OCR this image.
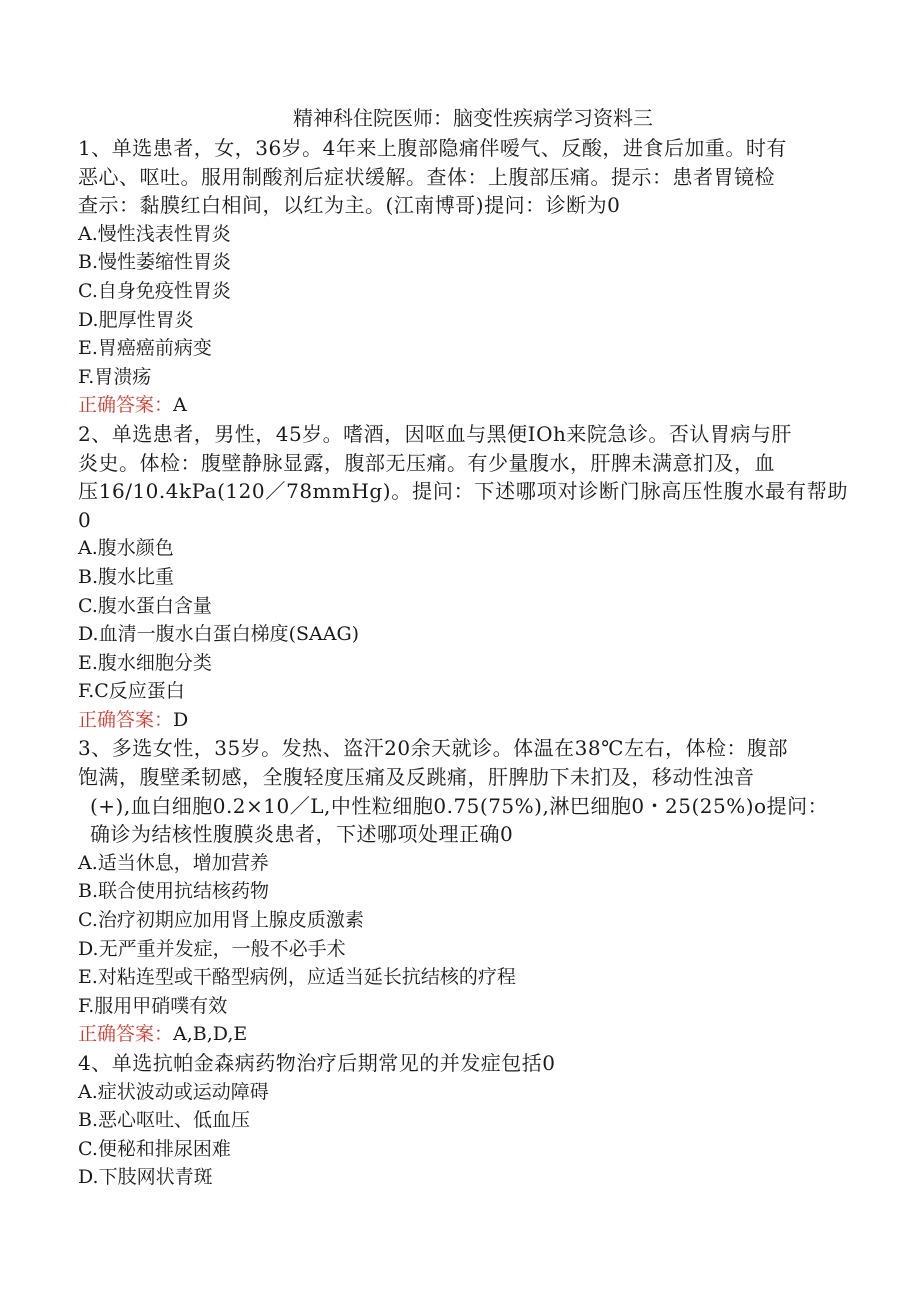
精神科住院医师：脑变性疾病学习资料三

1、单选患者，女，36岁。4年来上腹部隐痛伴嗳气、反酸，进食后加重。时有

恶心、呕吐。服用制酸剂后症状缓解。查体：上腹部压痛。提示：患者胃镜检

查示：黏膜红白相间，以红为主。(江南博哥)提问：诊断为0

A.慢性浅表性胃炎

B.慢性萎缩性胃炎

C.自身免疫性胃炎

D.肥厚性胃炎

E.胃癌癌前病变

F.胃溃疡

正确答案：A

2、单选患者，男性，45岁。嗜酒，因呕血与黑便IOh来院急诊。否认胃病与肝

炎史。体检：腹壁静脉显露，腹部无压痛。有少量腹水，肝脾未满意扪及，血

压16/10.4kPa(120／78mmHg)。提问：下述哪项对诊断门脉高压性腹水最有帮助0

A.腹水颜色

B.腹水比重

C.腹水蛋白含量

D.血清一腹水白蛋白梯度(SAAG)

E.腹水细胞分类

F.C反应蛋白

正确答案：D

3、多选女性，35岁。发热、盗汗20余天就诊。体温在38℃左右，体检：腹部

饱满，腹壁柔韧感，全腹轻度压痛及反跳痛，肝脾肋下未扪及，移动性浊音

(+),血白细胞0.2×10／L,中性粒细胞0.75(75%),淋巴细胞0・25(25%)o提问：

确诊为结核性腹膜炎患者，下述哪项处理正确0

A.适当休息，增加营养

B.联合使用抗结核药物

C.治疗初期应加用肾上腺皮质激素

D.无严重并发症，一般不必手术

E.对粘连型或干酪型病例，应适当延长抗结核的疗程

F.服用甲硝噗有效

正确答案：A,B,D,E

4、单选抗帕金森病药物治疗后期常见的并发症包括0

A.症状波动或运动障碍

B.恶心呕吐、低血压

C.便秘和排尿困难

D.下肢网状青斑
